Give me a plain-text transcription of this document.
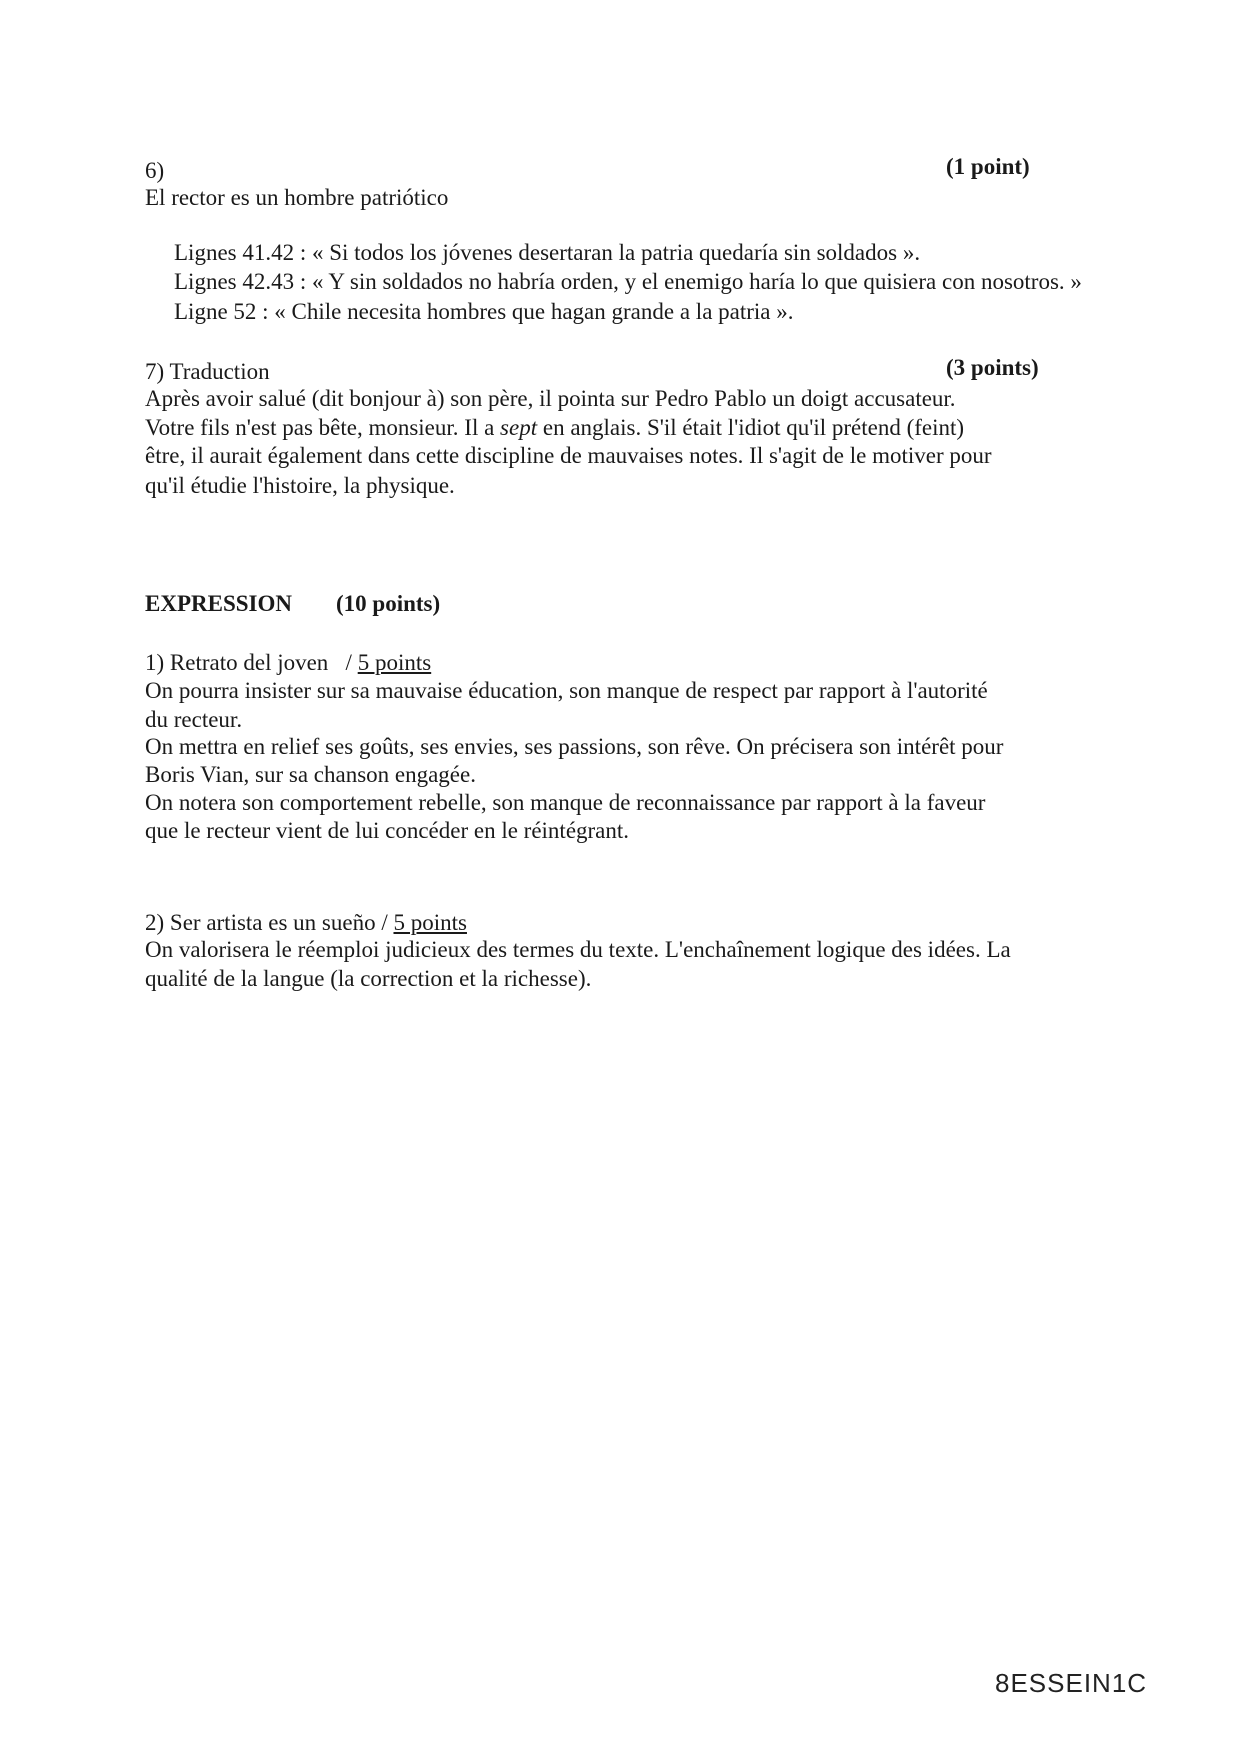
6)	(1 point)
El rector es un hombre patriótico
Lignes 41.42 : « Si todos los jóvenes desertaran la patria quedaría sin soldados ».
Lignes 42.43 : « Y sin soldados no habría orden, y el enemigo haría lo que quisiera con nosotros. »
Ligne 52 : « Chile necesita hombres que hagan grande a la patria ».
7) Traduction	(3 points)
Après avoir salué (dit bonjour à) son père, il pointa sur Pedro Pablo un doigt accusateur.
Votre fils n'est pas bête, monsieur. Il a sept en anglais. S'il était l'idiot qu'il prétend (feint)
être, il aurait également dans cette discipline de mauvaises notes. Il s'agit de le motiver pour
qu'il étudie l'histoire, la physique.
EXPRESSION (10 points)
1) Retrato del joven   / 5 points
On pourra insister sur sa mauvaise éducation, son manque de respect par rapport à l'autorité
du recteur.
On mettra en relief ses goûts, ses envies, ses passions, son rêve. On précisera son intérêt pour
Boris Vian, sur sa chanson engagée.
On notera son comportement rebelle, son manque de reconnaissance par rapport à la faveur
que le recteur vient de lui concéder en le réintégrant.
2) Ser artista es un sueño / 5 points
On valorisera le réemploi judicieux des termes du texte. L'enchaînement logique des idées. La
qualité de la langue (la correction et la richesse).
8ESSEIN1C
